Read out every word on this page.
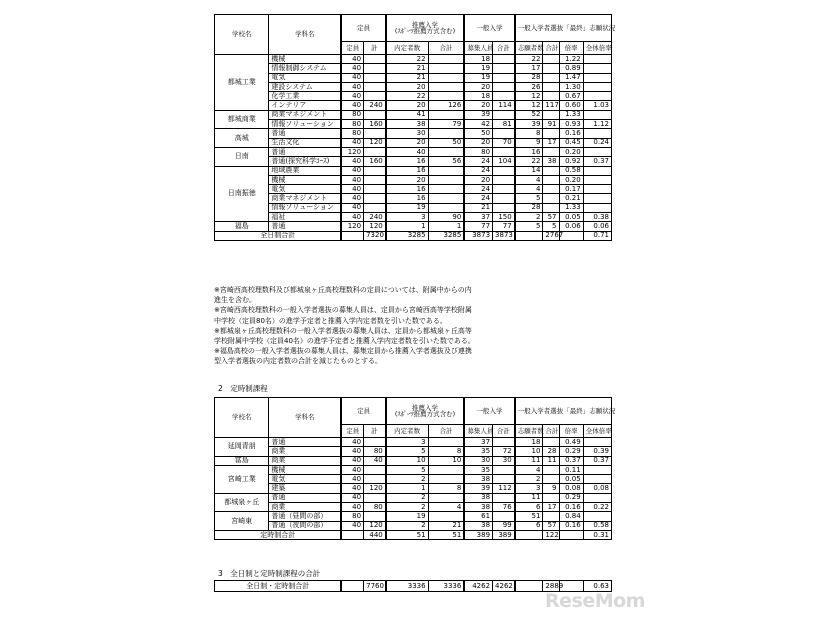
学校名	学科名	定員		推薦入学
(ｽﾎﾟｰﾂ推薦方式含む)		一般入学		一般入学者選抜「最終」志願状況			
		定員	計	内定者数	合計	募集人員	合計	志願者数	合計	倍率	全体倍率
都城工業	機械	40		22		18		22		1.22	
	情報制御システム	40		21		19		17		0.89	
	電気	40		21		19		28		1.47	
	建設システム	40		20		20		26		1.30	
	化学工業	40		22		18		12		0.67	
	インテリア	40	240	20	126	20	114	12	117	0.60	1.03
都城商業	商業マネジメント	80		41		39		52		1.33	
	情報ソリューション	80	160	38	79	42	81	39	91	0.93	1.12
高城	普通	80		30		50		8		0.16	
	生活文化	40	120	20	50	20	70	9	17	0.45	0.24
日南	普通	120		40		80		16		0.20	
	普通(探究科学ｺｰｽ)	40	160	16	56	24	104	22	38	0.92	0.37
日南振徳	地域農業	40		16		24		14		0.58	
	機械	40		20		20		4		0.20	
	電気	40		16		24		4		0.17	
	商業マネジメント	40		16		24		5		0.21	
	情報ソリューション	40		19		21		28		1.33	
	福祉	40	240	3	90	37	150	2	57	0.05	0.38
福島	普通	120	120	1	1	77	77	5	5	0.06	0.06
全日制合計			7320	3285	3285	3873	3873		2767		0.71
※宮崎西高校理数科及び都城泉ヶ丘高校理数科の定員については、附属中からの内
進生を含む。
※宮崎西高校理数科の一般入学者選抜の募集人員は、定員から宮崎西高等学校附属
中学校（定員80名）の進学予定者と推薦入学内定者数を引いた数である。
※都城泉ヶ丘高校理数科の一般入学者選抜の募集人員は、定員から都城泉ヶ丘高等
学校附属中学校（定員40名）の進学予定者と推薦入学内定者数を引いた数である。
※福島高校の一般入学者選抜の募集人員は、募集定員から推薦入学者選抜及び連携
型入学者選抜の内定者数の合計を減じたものとする。
2　定時制課程
学校名	学科名	定員		推薦入学
(ｽﾎﾟｰﾂ推薦方式含む)		一般入学		一般入学者選抜「最終」志願状況			
		定員	計	内定者数	合計	募集人員	合計	志願者数	合計	倍率	全体倍率
延岡青朋	普通	40		3		37		18		0.49	
	商業	40	80	5	8	35	72	10	28	0.29	0.39
富島	商業	40	40	10	10	30	30	11	11	0.37	0.37
宮崎工業	機械	40		5		35		4		0.11	
	電気	40		2		38		2		0.05	
	建築	40	120	1	8	39	112	3	9	0.08	0.08
都城泉ヶ丘	普通	40		2		38		11		0.29	
	商業	40	80	2	4	38	76	6	17	0.16	0.22
宮崎東	普通（昼間の部）	80		19		61		51		0.84	
	普通（夜間の部）	40	120	2	21	38	99	6	57	0.16	0.58
定時制合計			440	51	51	389	389		122		0.31
3　全日制と定時制課程の合計
全日制・定時制合計		7760	3336	3336	4262	4262		2889		0.63
ReseMom
